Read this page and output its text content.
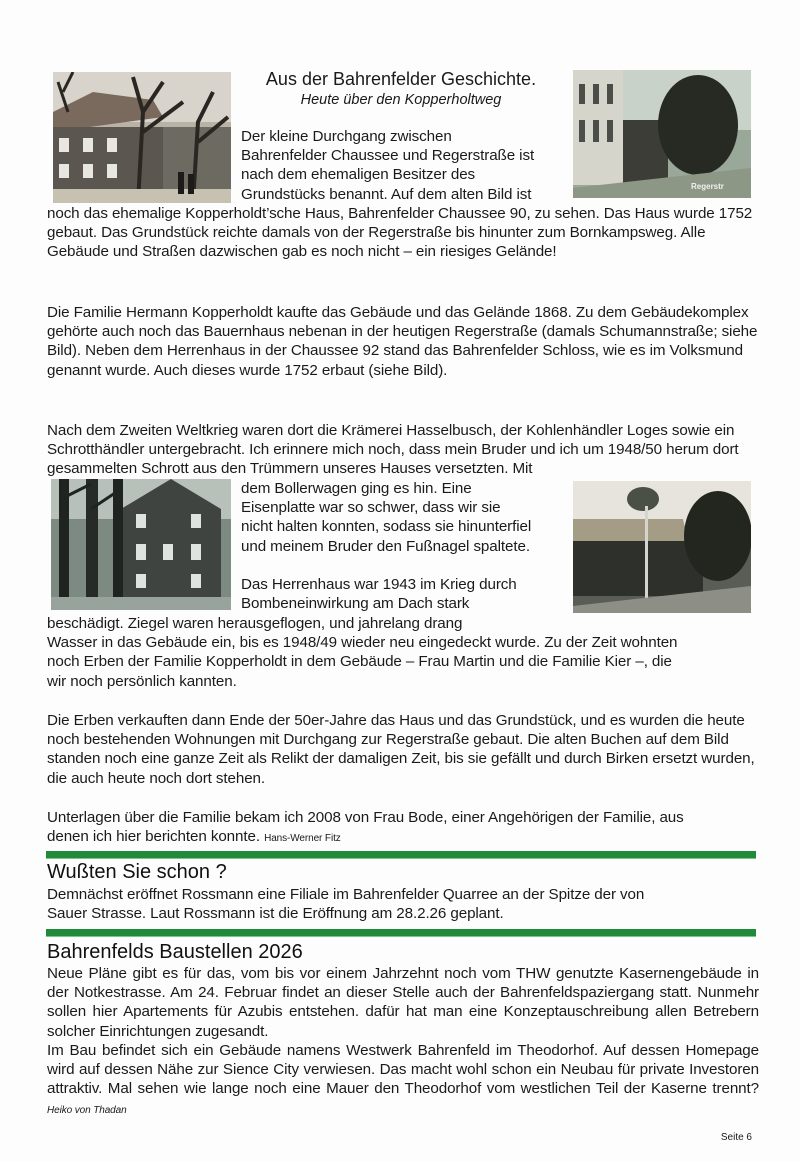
Aus der Bahrenfelder Geschichte.
Heute über den Kopperholtweg
Regerstr
Der kleine Durchgang zwischen
Bahrenfelder Chaussee und Regerstraße ist
nach dem ehemaligen Besitzer des
Grundstücks benannt. Auf dem alten Bild ist
noch das ehemalige Kopperholdt’sche Haus, Bahrenfelder Chaussee 90, zu sehen. Das Haus wurde 1752 gebaut. Das Grundstück reichte damals von der Regerstraße bis hinunter zum Bornkampsweg. Alle Gebäude und Straßen dazwischen gab es noch nicht – ein riesiges Gelände!
Die Familie Hermann Kopperholdt kaufte das Gebäude und das Gelände 1868. Zu dem Gebäudekomplex gehörte auch noch das Bauernhaus nebenan in der heutigen Regerstraße (damals Schumannstraße; siehe Bild). Neben dem Herrenhaus in der Chaussee 92 stand das Bahrenfelder Schloss, wie es im Volksmund genannt wurde. Auch dieses wurde 1752 erbaut (siehe Bild).
Nach dem Zweiten Weltkrieg waren dort die Krämerei Hasselbusch, der Kohlenhändler Loges sowie ein Schrotthändler untergebracht. Ich erinnere mich noch, dass mein Bruder und ich um 1948/50 herum dort gesammelten Schrott aus den Trümmern unseres Hauses versetzten. Mit
dem Bollerwagen ging es hin. Eine
Eisenplatte war so schwer, dass wir sie
nicht halten konnten, sodass sie hinunterfiel
und meinem Bruder den Fußnagel spaltete.
Das Herrenhaus war 1943 im Krieg durch
Bombeneinwirkung am Dach stark
beschädigt. Ziegel waren herausgeflogen, und jahrelang drang
Wasser in das Gebäude ein, bis es 1948/49 wieder neu eingedeckt wurde. Zu der Zeit wohnten
noch Erben der Familie Kopperholdt in dem Gebäude – Frau Martin und die Familie Kier –, die
wir noch persönlich kannten.
Die Erben verkauften dann Ende der 50er-Jahre das Haus und das Grundstück, und es wurden die heute noch bestehenden Wohnungen mit Durchgang zur Regerstraße gebaut. Die alten Buchen auf dem Bild standen noch eine ganze Zeit als Relikt der damaligen Zeit, bis sie gefällt und durch Birken ersetzt wurden, die auch heute noch dort stehen.
Unterlagen über die Familie bekam ich 2008 von Frau Bode, einer Angehörigen der Familie, aus
denen ich hier berichten konnte. Hans-Werner Fitz
Wußten Sie schon ?
Demnächst eröffnet Rossmann eine Filiale im Bahrenfelder Quarree an der Spitze der von
Sauer Strasse. Laut Rossmann ist die Eröffnung am 28.2.26 geplant.
Bahrenfelds Baustellen 2026
Neue Pläne gibt es für das, vom bis vor einem Jahrzehnt noch vom THW genutzte Kasernengebäude in der Notkestrasse. Am 24. Februar findet an dieser Stelle auch der Bahrenfeldspaziergang statt. Nunmehr sollen hier Apartements für Azubis entstehen. dafür hat man eine Konzeptauschreibung allen Betrebern solcher Einrichtungen zugesandt.
Im Bau befindet sich ein Gebäude namens Westwerk Bahrenfeld im Theodorhof. Auf dessen Homepage wird auf dessen Nähe zur Sience City verwiesen. Das macht wohl schon ein Neubau für private Investoren attraktiv. Mal sehen wie lange noch eine Mauer den Theodorhof vom westlichen Teil der Kaserne trennt? Heiko von Thadan
Seite 6
